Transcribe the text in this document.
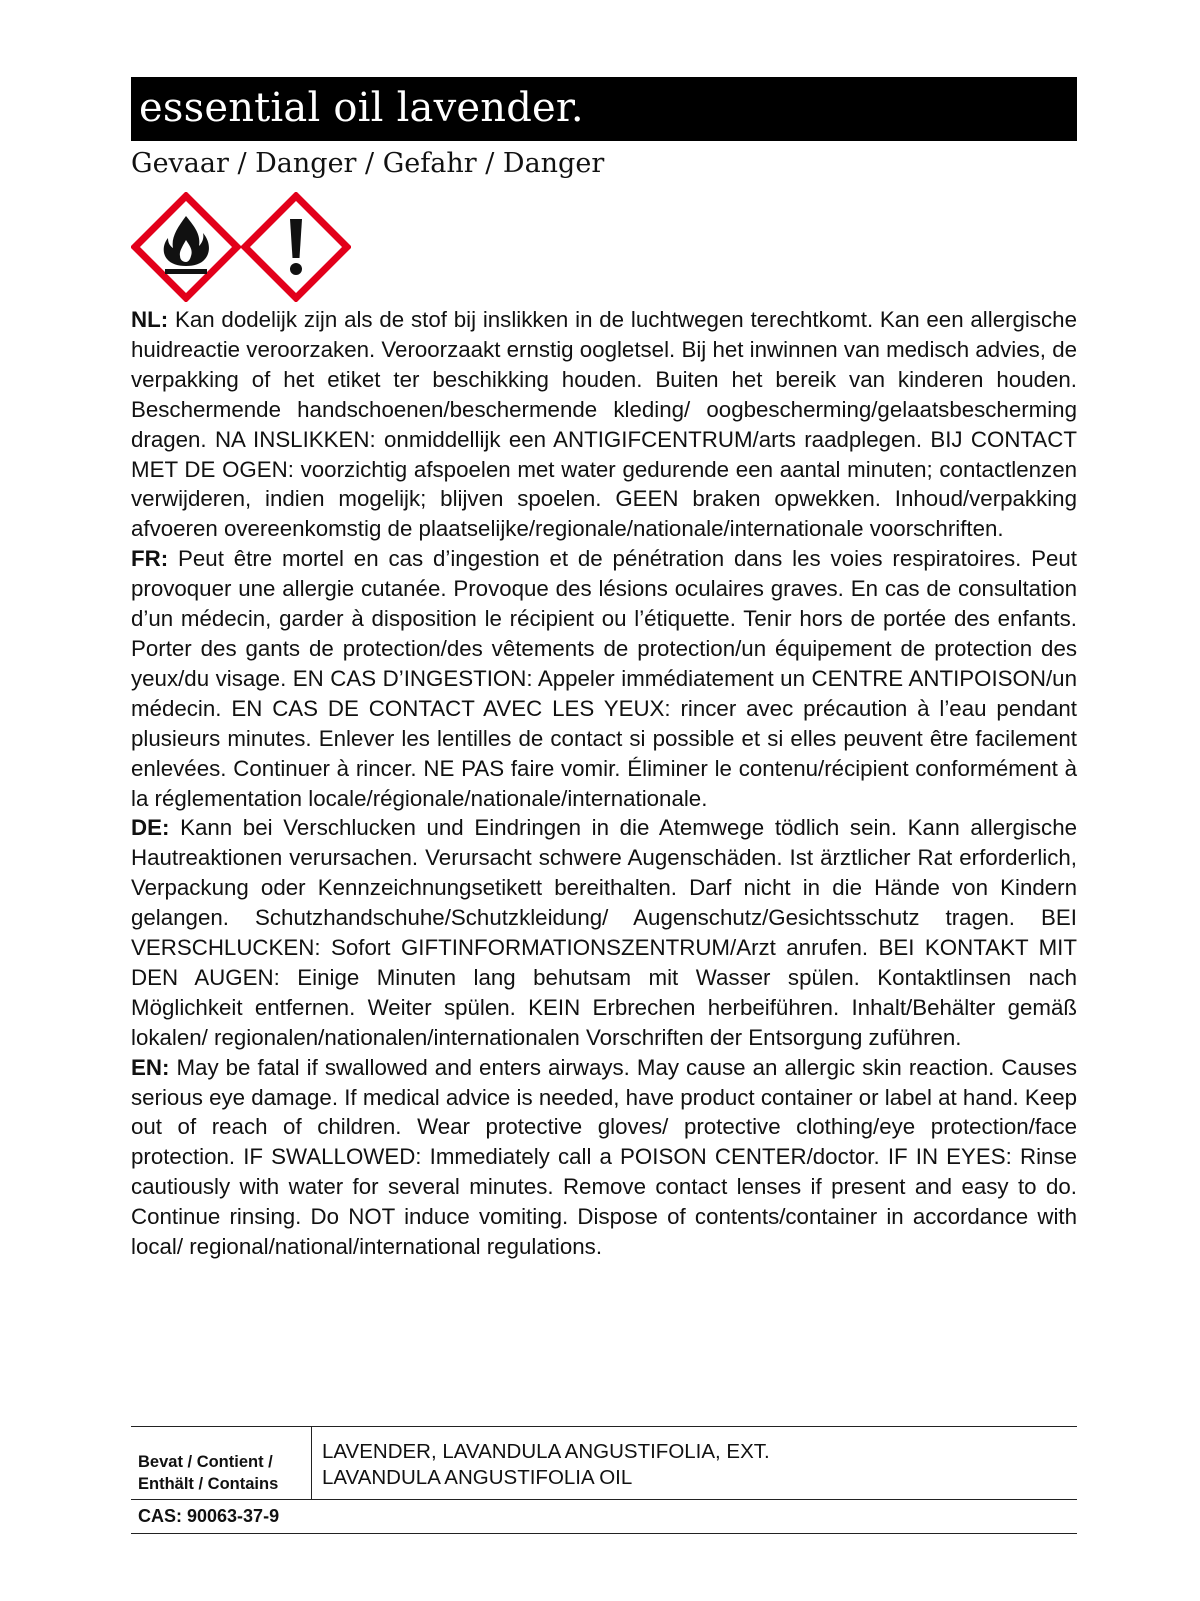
essential oil lavender.
Gevaar / Danger / Gefahr / Danger

NL: Kan dodelijk zijn als de stof bij inslikken in de luchtwegen terechtkomt. Kan een allergische huidreactie veroorzaken. Veroorzaakt ernstig oogletsel. Bij het inwinnen van medisch advies, de verpakking of het etiket ter beschikking houden. Buiten het bereik van kinderen houden. Beschermende handschoenen/beschermende kleding/ oogbescherming/gelaatsbescherming dragen. NA INSLIKKEN: onmiddellijk een ANTIGIFCENTRUM/arts raadplegen. BIJ CONTACT MET DE OGEN: voorzichtig afspoelen met water gedurende een aantal minuten; contactlenzen verwijderen, indien mogelijk; blijven spoelen. GEEN braken opwekken. Inhoud/verpakking afvoeren overeenkomstig de plaatselijke/regionale/nationale/internationale voorschriften.

FR: Peut être mortel en cas d’ingestion et de pénétration dans les voies respiratoires. Peut provoquer une allergie cutanée. Provoque des lésions oculaires graves. En cas de consultation d’un médecin, garder à disposition le récipient ou l’étiquette. Tenir hors de portée des enfants. Porter des gants de protection/des vêtements de protection/un équipement de protection des yeux/du visage. EN CAS D’INGESTION: Appeler immédiatement un CENTRE ANTIPOISON/un médecin. EN CAS DE CONTACT AVEC LES YEUX: rincer avec précaution à l’eau pendant plusieurs minutes. Enlever les lentilles de contact si possible et si elles peuvent être facilement enlevées. Continuer à rincer. NE PAS faire vomir. Éliminer le contenu/récipient conformément à la réglementation locale/régionale/nationale/internationale.

DE: Kann bei Verschlucken und Eindringen in die Atemwege tödlich sein. Kann allergische Hautreaktionen verursachen. Verursacht schwere Augenschäden. Ist ärztlicher Rat erforderlich, Verpackung oder Kennzeichnungsetikett bereithalten. Darf nicht in die Hände von Kindern gelangen. Schutzhandschuhe/Schutzkleidung/ Augenschutz/Gesichtsschutz tragen. BEI VERSCHLUCKEN: Sofort GIFTINFORMATIONSZENTRUM/Arzt anrufen. BEI KONTAKT MIT DEN AUGEN: Einige Minuten lang behutsam mit Wasser spülen. Kontaktlinsen nach Möglichkeit entfernen. Weiter spülen. KEIN Erbrechen herbeiführen. Inhalt/Behälter gemäß lokalen/ regionalen/nationalen/internationalen Vorschriften der Entsorgung zuführen.

EN: May be fatal if swallowed and enters airways. May cause an allergic skin reaction. Causes serious eye damage. If medical advice is needed, have product container or label at hand. Keep out of reach of children. Wear protective gloves/ protective clothing/eye protection/face protection. IF SWALLOWED: Immediately call a POISON CENTER/doctor. IF IN EYES: Rinse cautiously with water for several minutes. Remove contact lenses if present and easy to do. Continue rinsing. Do NOT induce vomiting. Dispose of contents/container in accordance with local/ regional/national/international regulations.

Bevat / Contient /
Enthält / Contains
LAVENDER, LAVANDULA ANGUSTIFOLIA, EXT.
LAVANDULA ANGUSTIFOLIA OIL
CAS: 90063-37-9
